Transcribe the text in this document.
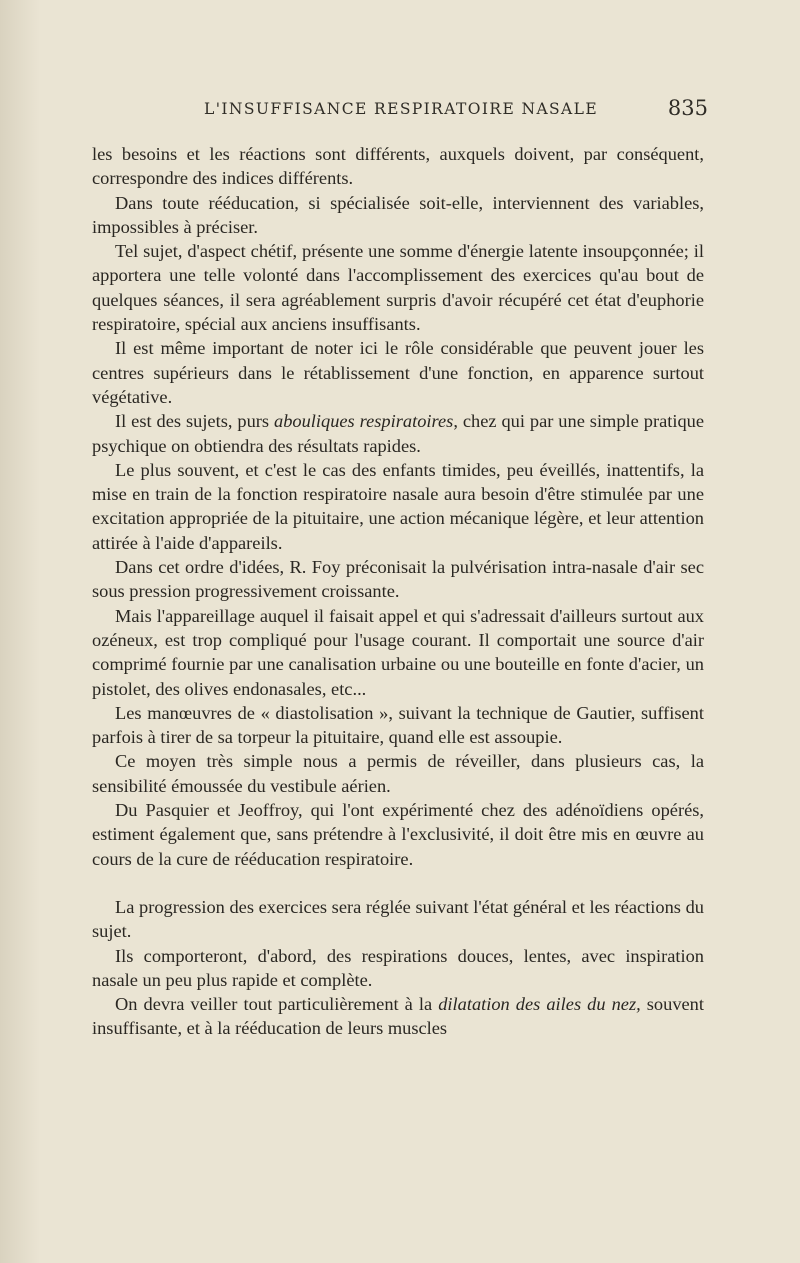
L'INSUFFISANCE RESPIRATOIRE NASALE	835

les besoins et les réactions sont différents, auxquels doivent, par conséquent, correspondre des indices différents.

Dans toute rééducation, si spécialisée soit-elle, interviennent des variables, impossibles à préciser.

Tel sujet, d'aspect chétif, présente une somme d'énergie latente insoupçonnée; il apportera une telle volonté dans l'accomplissement des exercices qu'au bout de quelques séances, il sera agréablement surpris d'avoir récupéré cet état d'euphorie respiratoire, spécial aux anciens insuffisants.

Il est même important de noter ici le rôle considérable que peuvent jouer les centres supérieurs dans le rétablissement d'une fonction, en apparence surtout végétative.

Il est des sujets, purs abouliques respiratoires, chez qui par une simple pratique psychique on obtiendra des résultats rapides.

Le plus souvent, et c'est le cas des enfants timides, peu éveillés, inattentifs, la mise en train de la fonction respiratoire nasale aura besoin d'être stimulée par une excitation appropriée de la pituitaire, une action mécanique légère, et leur attention attirée à l'aide d'appareils.

Dans cet ordre d'idées, R. Foy préconisait la pulvérisation intra-nasale d'air sec sous pression progressivement croissante.

Mais l'appareillage auquel il faisait appel et qui s'adressait d'ailleurs surtout aux ozéneux, est trop compliqué pour l'usage courant. Il comportait une source d'air comprimé fournie par une canalisation urbaine ou une bouteille en fonte d'acier, un pistolet, des olives endonasales, etc...

Les manœuvres de « diastolisation », suivant la technique de Gautier, suffisent parfois à tirer de sa torpeur la pituitaire, quand elle est assoupie.

Ce moyen très simple nous a permis de réveiller, dans plusieurs cas, la sensibilité émoussée du vestibule aérien.

Du Pasquier et Jeoffroy, qui l'ont expérimenté chez des adénoïdiens opérés, estiment également que, sans prétendre à l'exclusivité, il doit être mis en œuvre au cours de la cure de rééducation respiratoire.

La progression des exercices sera réglée suivant l'état général et les réactions du sujet.

Ils comporteront, d'abord, des respirations douces, lentes, avec inspiration nasale un peu plus rapide et complète.

On devra veiller tout particulièrement à la dilatation des ailes du nez, souvent insuffisante, et à la rééducation de leurs muscles
